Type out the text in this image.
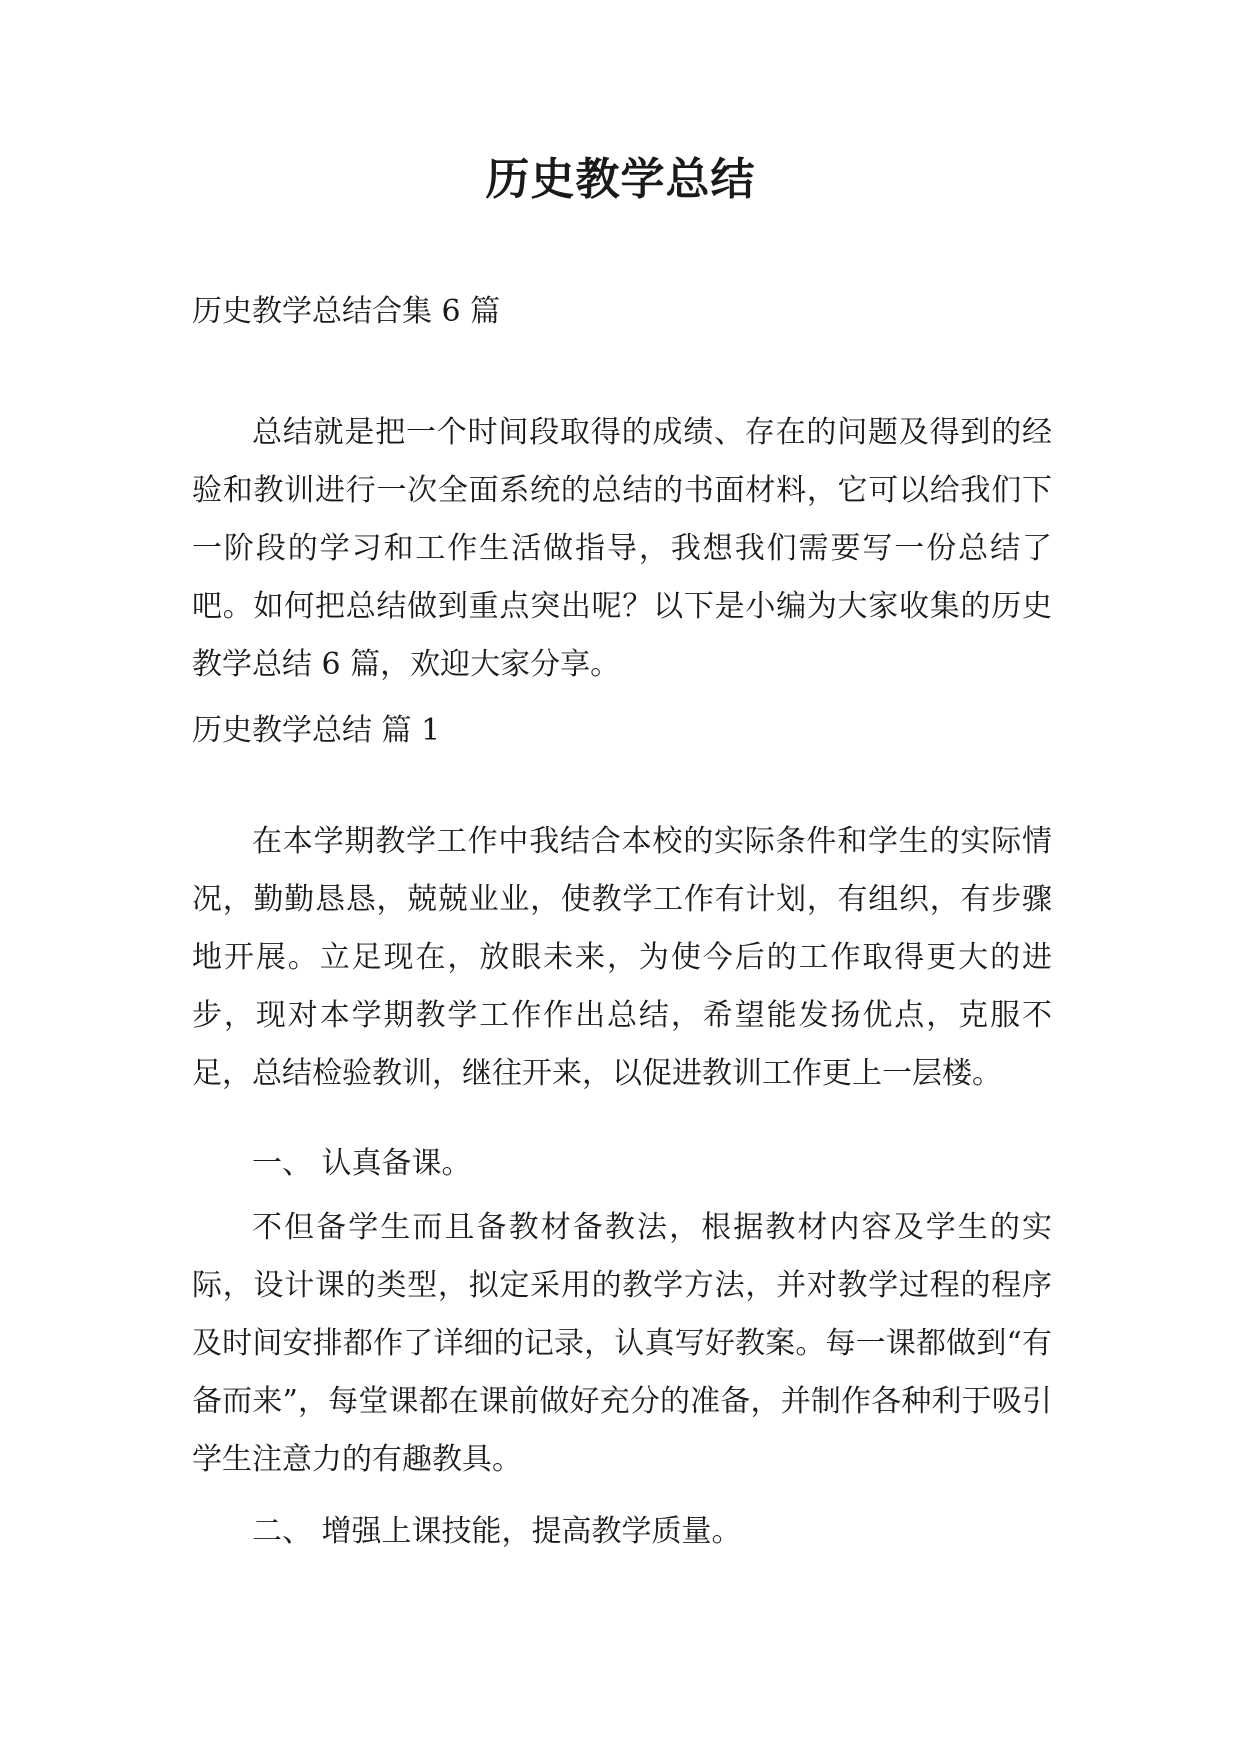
历史教学总结

历史教学总结合集 6 篇

总结就是把一个时间段取得的成绩、存在的问题及得到的经验和教训进行一次全面系统的总结的书面材料，它可以给我们下一阶段的学习和工作生活做指导，我想我们需要写一份总结了吧。如何把总结做到重点突出呢？以下是小编为大家收集的历史教学总结 6 篇，欢迎大家分享。

历史教学总结 篇 1

在本学期教学工作中我结合本校的实际条件和学生的实际情况，勤勤恳恳，兢兢业业，使教学工作有计划，有组织，有步骤地开展。立足现在，放眼未来，为使今后的工作取得更大的进步，现对本学期教学工作作出总结，希望能发扬优点，克服不足，总结检验教训，继往开来，以促进教训工作更上一层楼。

一、 认真备课。

不但备学生而且备教材备教法，根据教材内容及学生的实际，设计课的类型，拟定采用的教学方法，并对教学过程的程序及时间安排都作了详细的记录，认真写好教案。每一课都做到“有备而来”，每堂课都在课前做好充分的准备，并制作各种利于吸引学生注意力的有趣教具。

二、 增强上课技能，提高教学质量。
